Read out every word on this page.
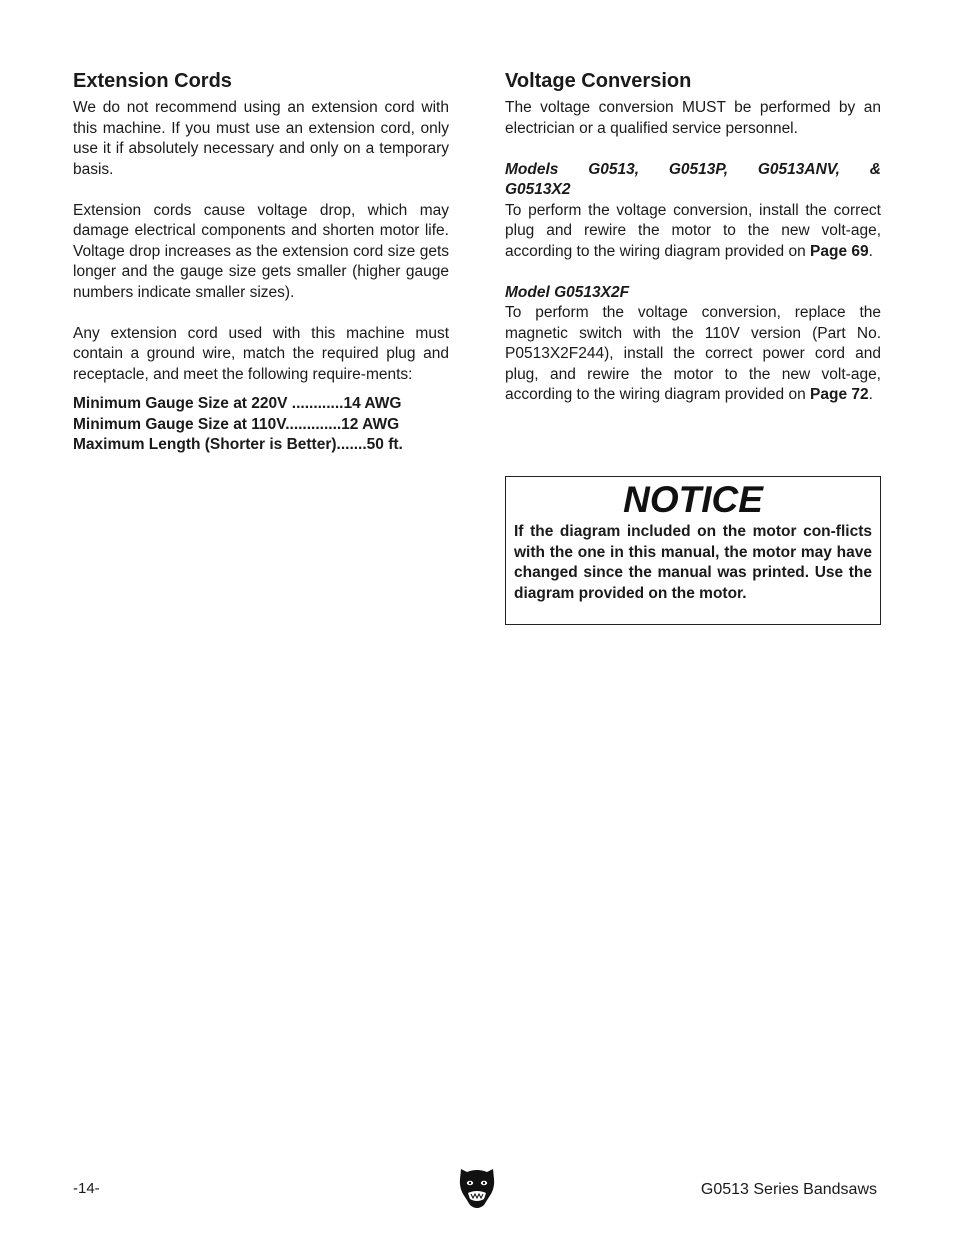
Extension Cords

We do not recommend using an extension cord with this machine. If you must use an extension cord, only use it if absolutely necessary and only on a temporary basis.

Extension cords cause voltage drop, which may damage electrical components and shorten motor life. Voltage drop increases as the extension cord size gets longer and the gauge size gets smaller (higher gauge numbers indicate smaller sizes).

Any extension cord used with this machine must contain a ground wire, match the required plug and receptacle, and meet the following require-ments:

Minimum Gauge Size at 220V ............14 AWG
Minimum Gauge Size at 110V.............12 AWG
Maximum Length (Shorter is Better).......50 ft.
Voltage Conversion

The voltage conversion MUST be performed by an electrician or a qualified service personnel.

Models G0513, G0513P, G0513ANV, &
G0513X2

To perform the voltage conversion, install the correct plug and rewire the motor to the new volt-age, according to the wiring diagram provided on Page 69.

Model G0513X2F

To perform the voltage conversion, replace the magnetic switch with the 110V version (Part No. P0513X2F244), install the correct power cord and plug, and rewire the motor to the new volt-age, according to the wiring diagram provided on Page 72.

NOTICE
If the diagram included on the motor con-flicts with the one in this manual, the motor may have changed since the manual was printed. Use the diagram provided on the motor.
-14-	G0513 Series Bandsaws
